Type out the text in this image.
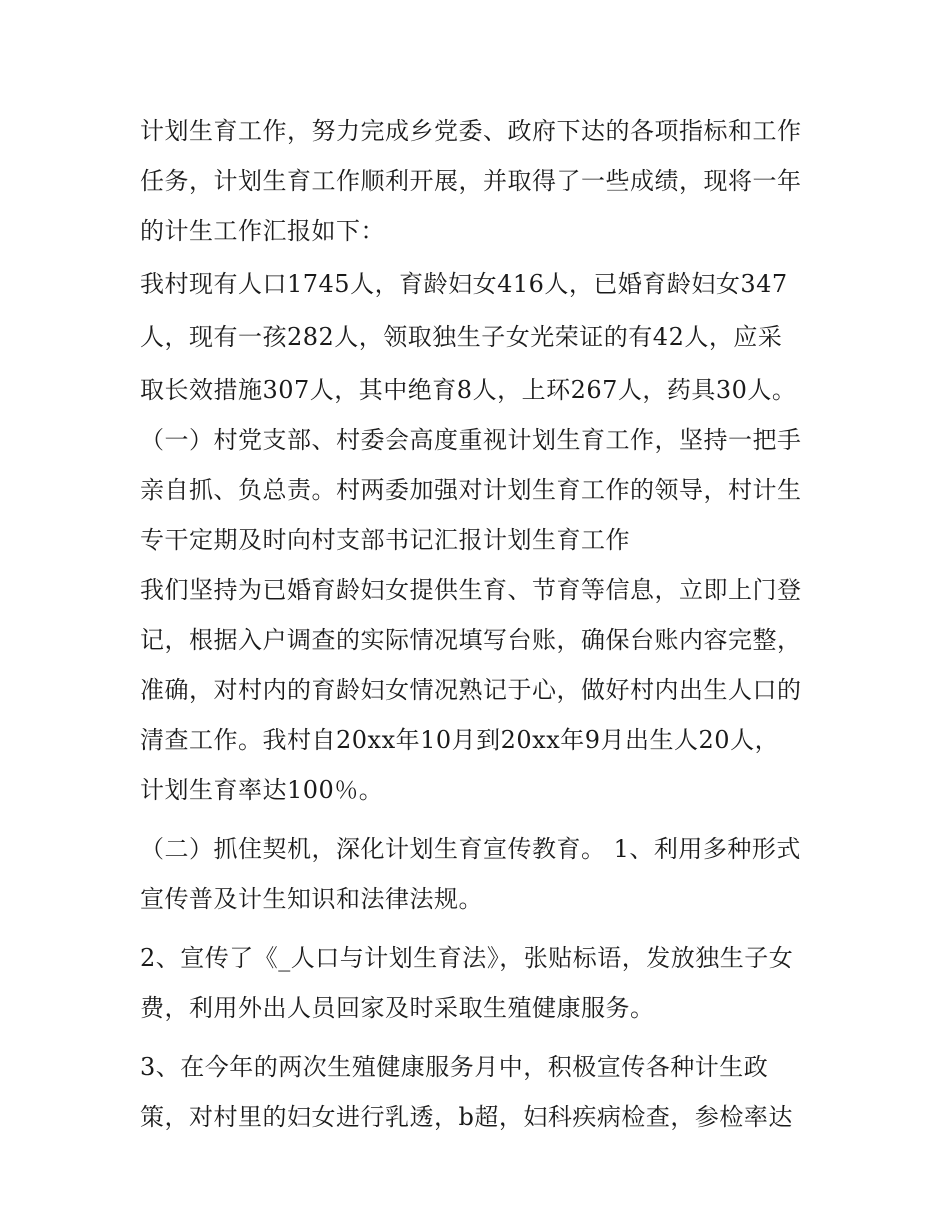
计划生育工作，努力完成乡党委、政府下达的各项指标和工作
任务，计划生育工作顺利开展，并取得了一些成绩，现将一年
的计生工作汇报如下：
我村现有人口1745人，育龄妇女416人，已婚育龄妇女347
人，现有一孩282人，领取独生子女光荣证的有42人，应采
取长效措施307人，其中绝育8人，上环267人，药具30人。
（一）村党支部、村委会高度重视计划生育工作，坚持一把手
亲自抓、负总责。村两委加强对计划生育工作的领导，村计生
专干定期及时向村支部书记汇报计划生育工作
我们坚持为已婚育龄妇女提供生育、节育等信息，立即上门登
记，根据入户调查的实际情况填写台账，确保台账内容完整，
准确，对村内的育龄妇女情况熟记于心，做好村内出生人口的
清查工作。我村自20xx年10月到20xx年9月出生人20人，
计划生育率达100％。
（二）抓住契机，深化计划生育宣传教育。 1、利用多种形式
宣传普及计生知识和法律法规。
2、宣传了《_人口与计划生育法》，张贴标语，发放独生子女
费，利用外出人员回家及时采取生殖健康服务。
3、在今年的两次生殖健康服务月中，积极宣传各种计生政
策，对村里的妇女进行乳透，b超，妇科疾病检查，参检率达
